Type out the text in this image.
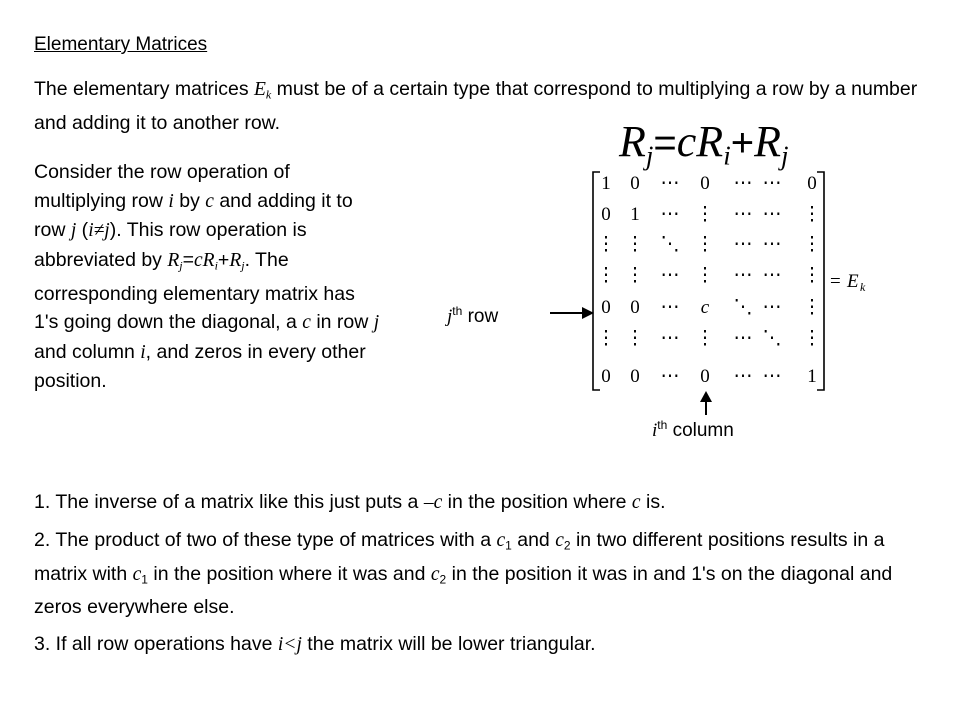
Elementary Matrices
The elementary matrices $E_k$ must be of a certain type that correspond to multiplying a row by a number and adding it to another row.	$R_j=cR_i+R_j$
Consider the row operation of multiplying row i by c and adding it to row j (i≠j). This row operation is abbreviated by $R_j=cR_i+R_j$. The corresponding elementary matrix has 1's going down the diagonal, a c in row j and column i, and zeros in every other position.
1 0 ⋯ 0 ⋯ ⋯ 0
0 1 ⋯ ⋮ ⋯ ⋯ ⋮
⋮ ⋮ ⋱ ⋮ ⋯ ⋯ ⋮
⋮ ⋮ ⋯ ⋮ ⋯ ⋯ ⋮
0 0 ⋯ c ⋱ ⋯ ⋮
⋮ ⋮ ⋯ ⋮ ⋯ ⋱ ⋮
0 0 ⋯ 0 ⋯ ⋯ 1
= E k
$j^{th}$ row
$i^{th}$ column

1. The inverse of a matrix like this just puts a –c in the position where c is.

2. The product of two of these type of matrices with a $c_1$ and $c_2$ in two different positions results in a matrix with $c_1$ in the position where it was and $c_2$ in the position it was in and 1's on the diagonal and zeros everywhere else.

3. If all row operations have i<j the matrix will be lower triangular.
